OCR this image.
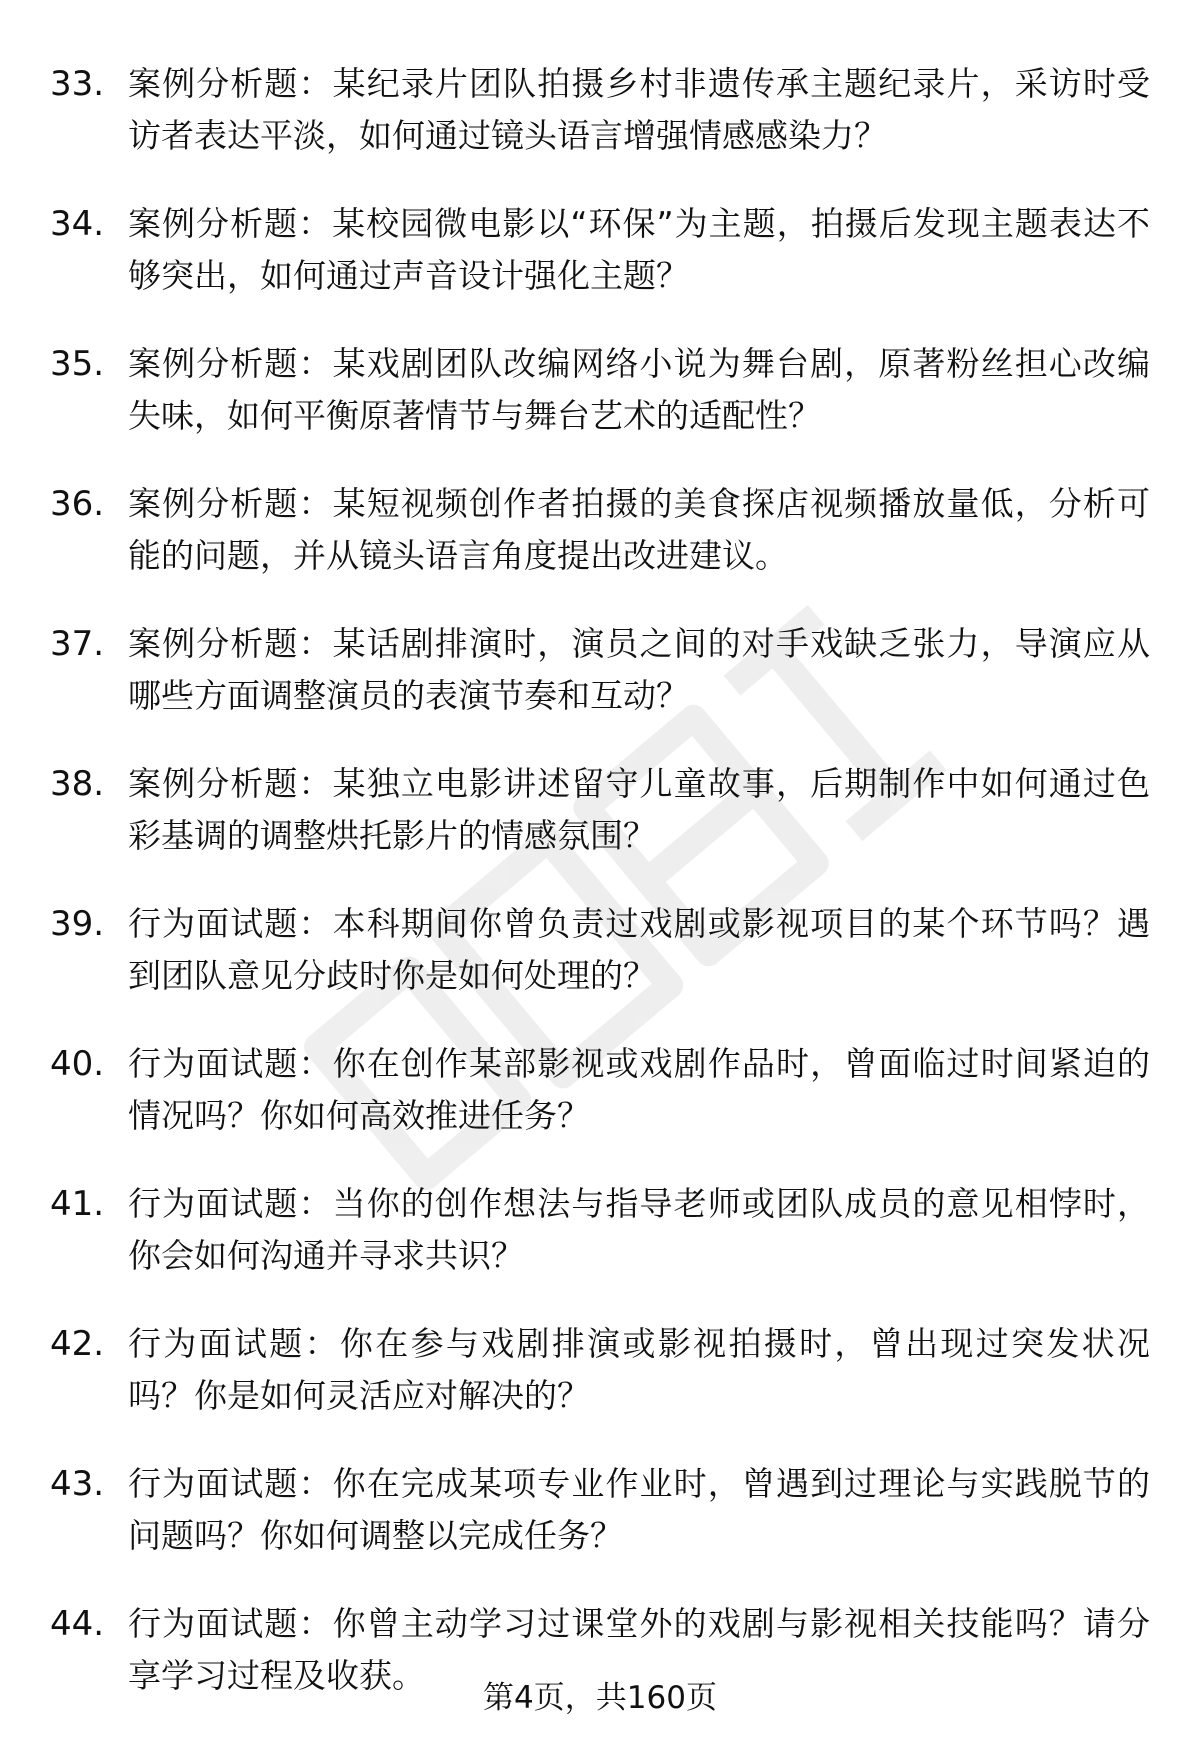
33. 案例分析题：某纪录片团队拍摄乡村非遗传承主题纪录片，采访时受访者表达平淡，如何通过镜头语言增强情感感染力？
34. 案例分析题：某校园微电影以“环保”为主题，拍摄后发现主题表达不够突出，如何通过声音设计强化主题？
35. 案例分析题：某戏剧团队改编网络小说为舞台剧，原著粉丝担心改编失味，如何平衡原著情节与舞台艺术的适配性？
36. 案例分析题：某短视频创作者拍摄的美食探店视频播放量低，分析可能的问题，并从镜头语言角度提出改进建议。
37. 案例分析题：某话剧排演时，演员之间的对手戏缺乏张力，导演应从哪些方面调整演员的表演节奏和互动？
38. 案例分析题：某独立电影讲述留守儿童故事，后期制作中如何通过色彩基调的调整烘托影片的情感氛围？
39. 行为面试题：本科期间你曾负责过戏剧或影视项目的某个环节吗？遇到团队意见分歧时你是如何处理的？
40. 行为面试题：你在创作某部影视或戏剧作品时，曾面临过时间紧迫的情况吗？你如何高效推进任务？
41. 行为面试题：当你的创作想法与指导老师或团队成员的意见相悖时，你会如何沟通并寻求共识？
42. 行为面试题：你在参与戏剧排演或影视拍摄时，曾出现过突发状况吗？你是如何灵活应对解决的？
43. 行为面试题：你在完成某项专业作业时，曾遇到过理论与实践脱节的问题吗？你如何调整以完成任务？
44. 行为面试题：你曾主动学习过课堂外的戏剧与影视相关技能吗？请分享学习过程及收获。
第4页，共160页
